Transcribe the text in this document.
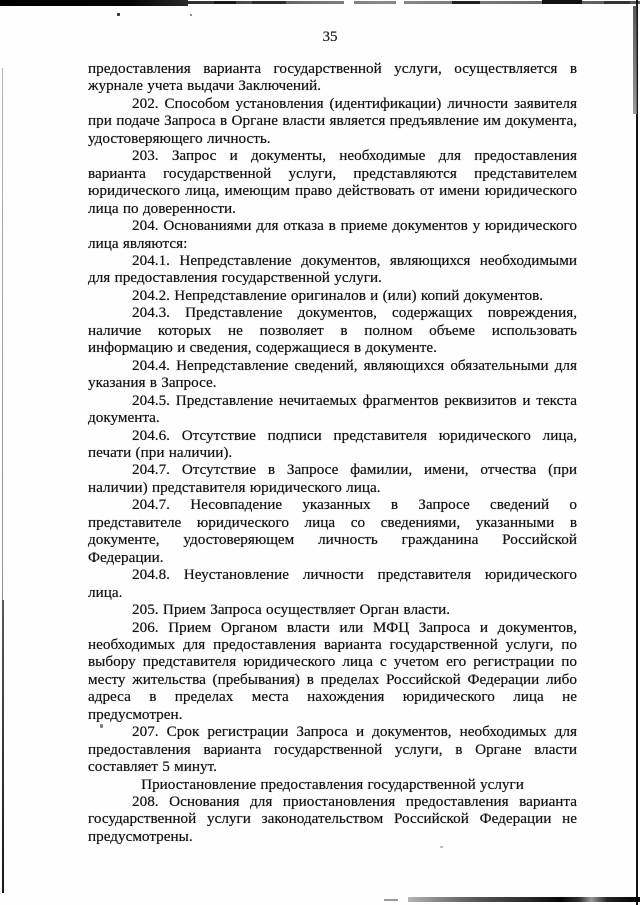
35

предоставления варианта государственной услуги, осуществляется в журнале учета выдачи Заключений.

202. Способом установления (идентификации) личности заявителя при подаче Запроса в Органе власти является предъявление им документа, удостоверяющего личность.

203. Запрос и документы, необходимые для предоставления варианта государственной услуги, представляются представителем юридического лица, имеющим право действовать от имени юридического лица по доверенности.

204. Основаниями для отказа в приеме документов у юридического лица являются:

204.1. Непредставление документов, являющихся необходимыми для предоставления государственной услуги.

204.2. Непредставление оригиналов и (или) копий документов.

204.3. Представление документов, содержащих повреждения, наличие которых не позволяет в полном объеме использовать информацию и сведения, содержащиеся в документе.

204.4. Непредставление сведений, являющихся обязательными для указания в Запросе.

204.5. Представление нечитаемых фрагментов реквизитов и текста документа.

204.6. Отсутствие подписи представителя юридического лица, печати (при наличии).

204.7. Отсутствие в Запросе фамилии, имени, отчества (при наличии) представителя юридического лица.

204.7. Несовпадение указанных в Запросе сведений о представителе юридического лица со сведениями, указанными в документе, удостоверяющем личность гражданина Российской Федерации.

204.8. Неустановление личности представителя юридического лица.

205. Прием Запроса осуществляет Орган власти.

206. Прием Органом власти или МФЦ Запроса и документов, необходимых для предоставления варианта государственной услуги, по выбору представителя юридического лица с учетом его регистрации по месту жительства (пребывания) в пределах Российской Федерации либо адреса в пределах места нахождения юридического лица не предусмотрен.

207. Срок регистрации Запроса и документов, необходимых для предоставления варианта государственной услуги, в Органе власти составляет 5 минут.

Приостановление предоставления государственной услуги

208. Основания для приостановления предоставления варианта государственной услуги законодательством Российской Федерации не предусмотрены.
